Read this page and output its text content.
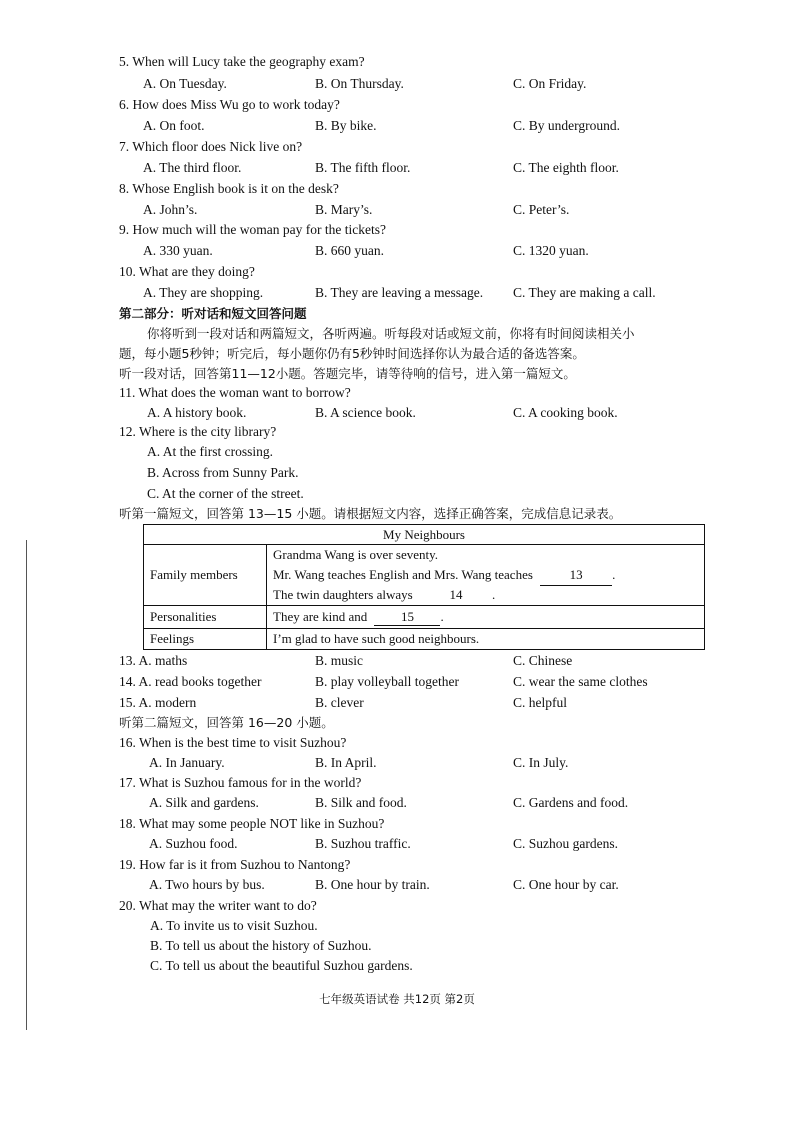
5. When will Lucy take the geography exam?
A. On Tuesday.	B. On Thursday.	C. On Friday.
6. How does Miss Wu go to work today?
A. On foot.	B. By bike.	C. By underground.
7. Which floor does Nick live on?
A. The third floor.	B. The fifth floor.	C. The eighth floor.
8. Whose English book is it on the desk?
A. John’s.	B. Mary’s.	C. Peter’s.
9. How much will the woman pay for the tickets?
A. 330 yuan.	B. 660 yuan.	C. 1320 yuan.
10. What are they doing?
A. They are shopping.	B. They are leaving a message. C. They are making a call.
第二部分：听对话和短文回答问题
你将听到一段对话和两篇短文，各听两遍。听每段对话或短文前，你将有时间阅读相关小
题，每小题5秒钟；听完后，每小题你仍有5秒钟时间选择你认为最合适的备选答案。
听一段对话，回答第11—12小题。答题完毕，请等待响的信号，进入第一篇短文。
11. What does the woman want to borrow?
A. A history book.	B. A science book.	C. A cooking book.
12. Where is the city library?
A. At the first crossing.
B. Across from Sunny Park.
C. At the corner of the street.
听第一篇短文，回答第 13—15 小题。请根据短文内容，选择正确答案，完成信息记录表。
My Neighbours	
Family members	Grandma Wang is over seventy.
Mr. Wang teaches English and Mrs. Wang teaches 13 .
The twin daughters always 14 .

Personalities	They are kind and 15 .
Feelings	I’m glad to have such good neighbours.
13. A. maths	B. music	C. Chinese
14. A. read books together	B. play volleyball together	C. wear the same clothes
15. A. modern	B. clever	C. helpful
听第二篇短文，回答第 16—20 小题。
16. When is the best time to visit Suzhou?
A. In January.	B. In April.	C. In July.
17. What is Suzhou famous for in the world?
A. Silk and gardens.	B. Silk and food.	C. Gardens and food.
18. What may some people NOT like in Suzhou?
A. Suzhou food.	B. Suzhou traffic.	C. Suzhou gardens.
19. How far is it from Suzhou to Nantong?
A. Two hours by bus.	B. One hour by train.	C. One hour by car.
20. What may the writer want to do?
A. To invite us to visit Suzhou.
B. To tell us about the history of Suzhou.
C. To tell us about the beautiful Suzhou gardens.
七年级英语试卷 共12页 第2页
